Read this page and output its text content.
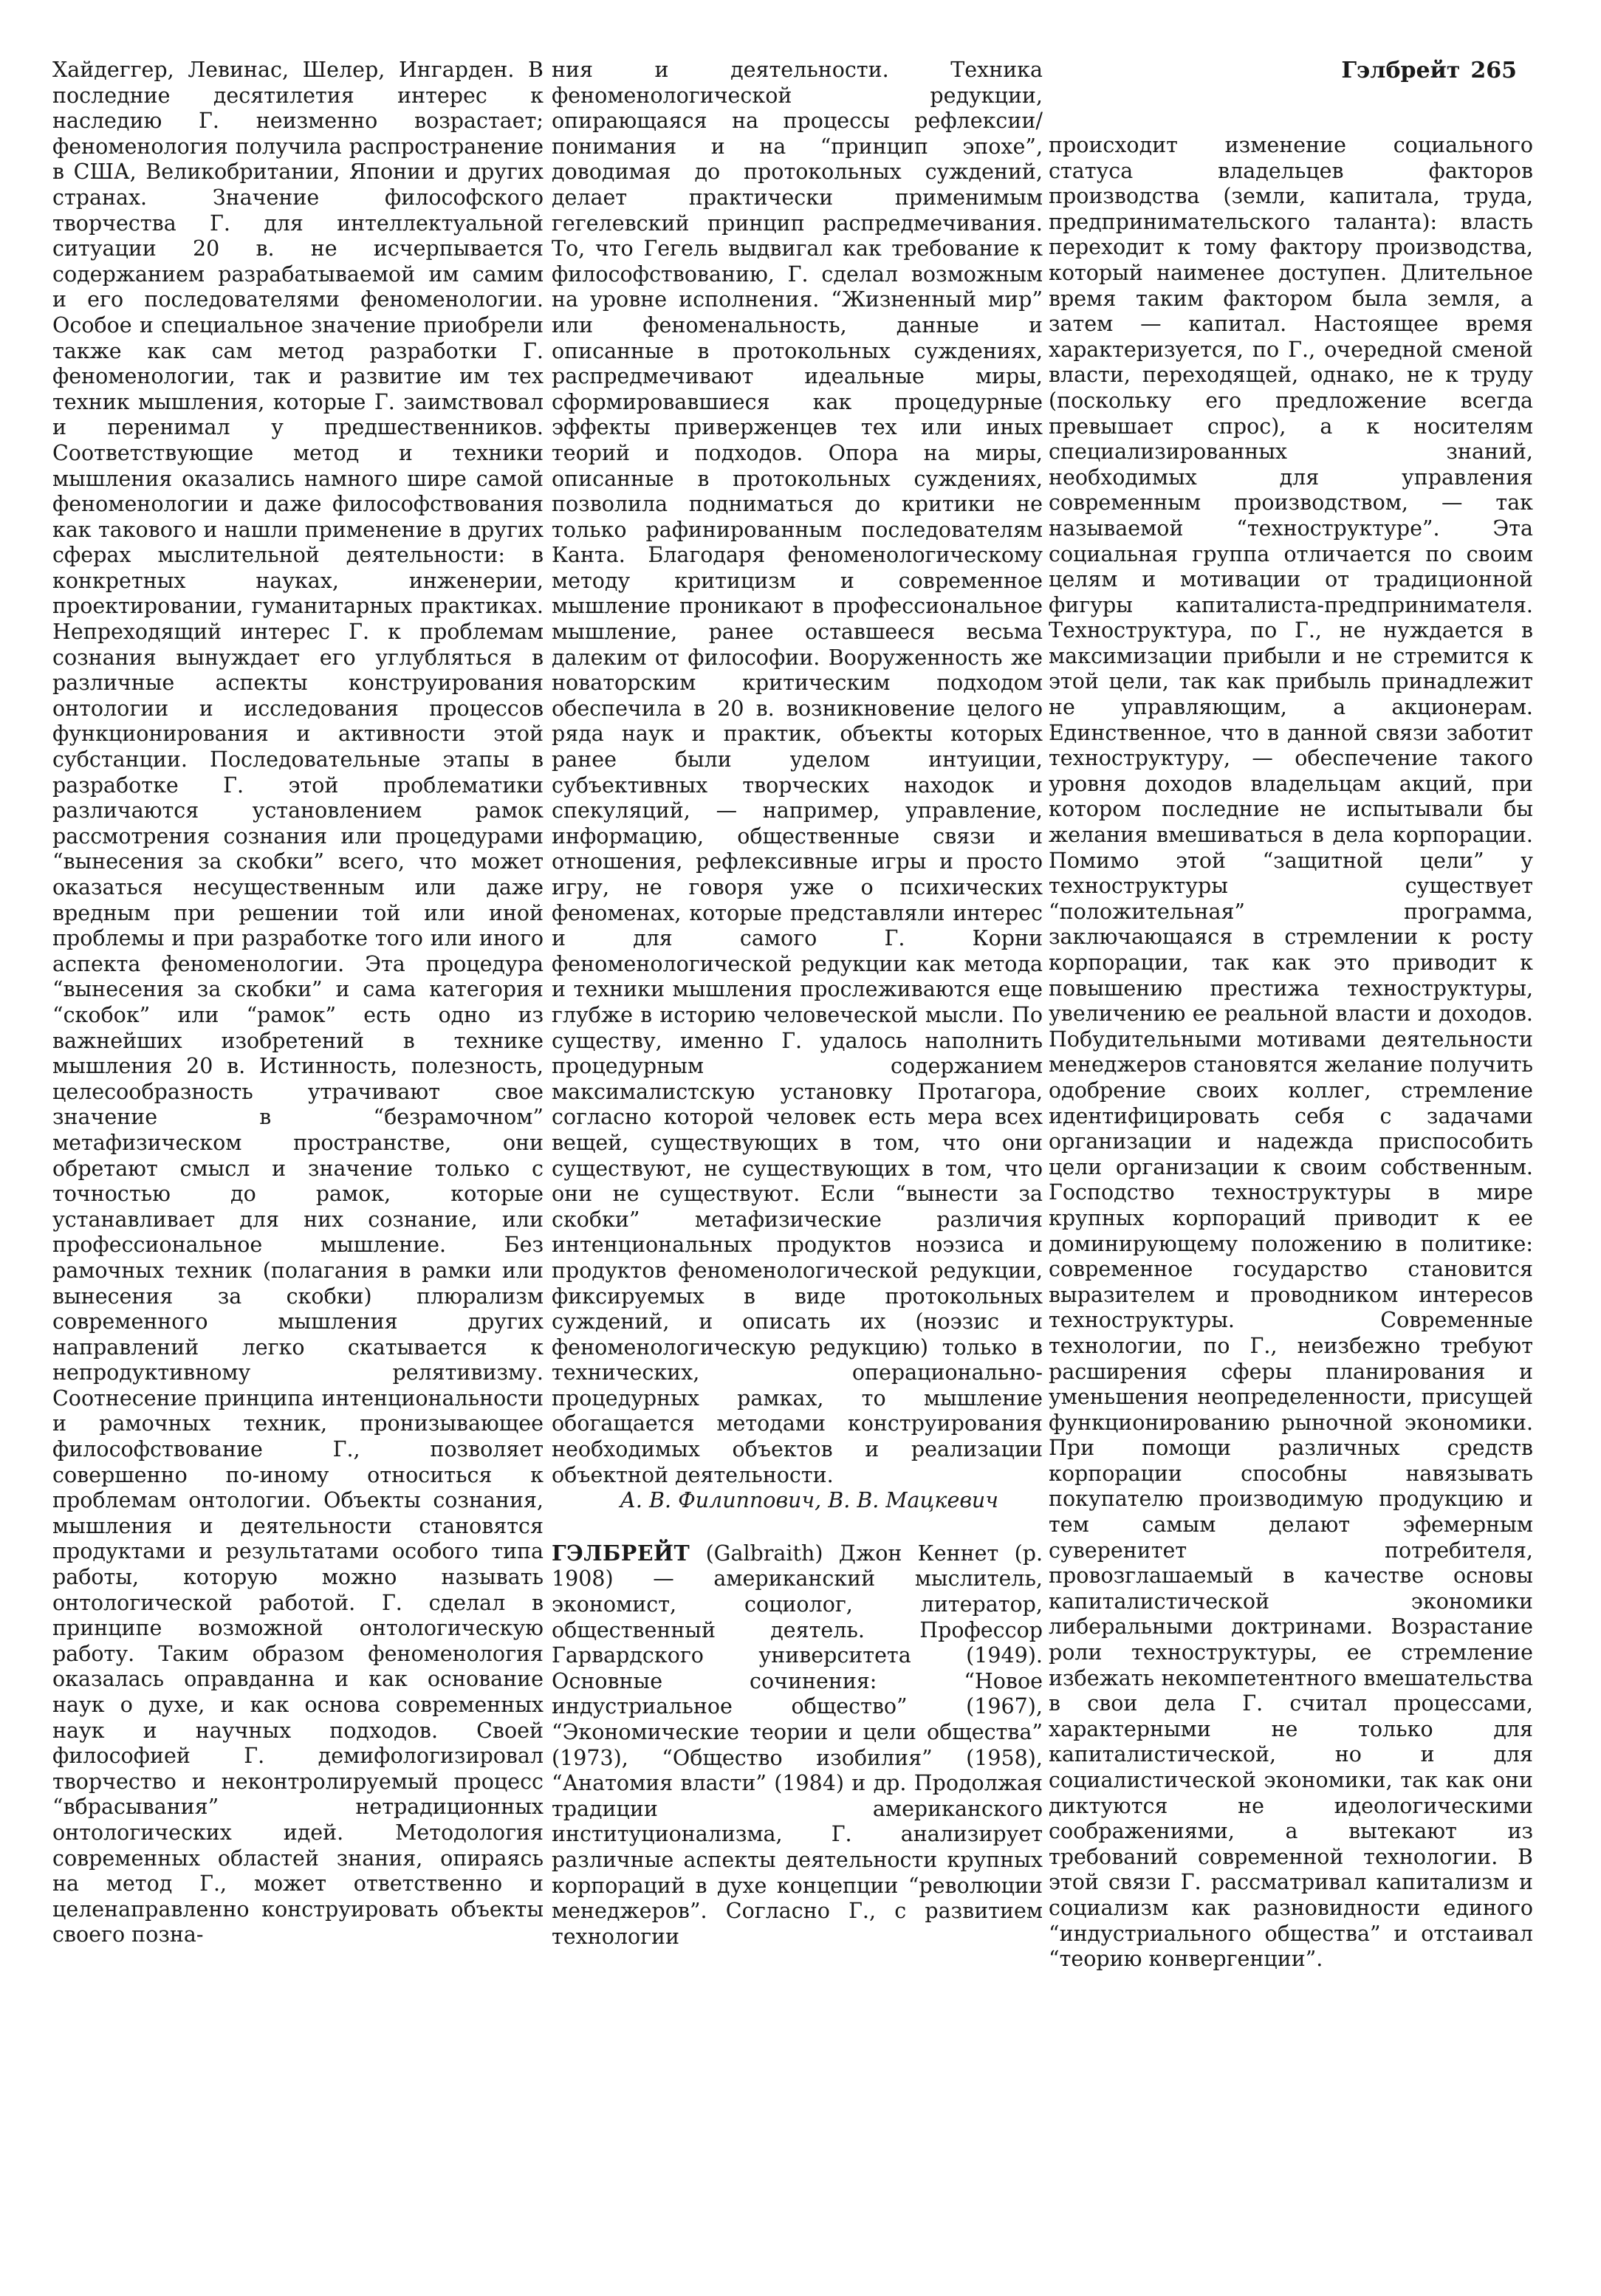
Гэлбрейт 265

Хайдеггер, Левинас, Шелер, Ингарден. В последние десятилетия интерес к наследию Г. неизменно возрастает; феноменология получила распространение в США, Великобритании, Японии и других странах. Значение философского творчества Г. для интеллектуальной ситуации 20 в. не исчерпывается содержанием разрабатываемой им самим и его последователями феноменологии. Особое и специальное значение приобрели также как сам метод разработки Г. феноменологии, так и развитие им тех техник мышления, которые Г. заимствовал и перенимал у предшественников. Соответствующие метод и техники мышления оказались намного шире самой феноменологии и даже философствования как такового и нашли применение в других сферах мыслительной деятельности: в конкретных науках, инженерии, проектировании, гуманитарных практиках. Непреходящий интерес Г. к проблемам сознания вынуждает его углубляться в различные аспекты конструирования онтологии и исследования процессов функционирования и активности этой субстанции. Последовательные этапы в разработке Г. этой проблематики различаются установлением рамок рассмотрения сознания или процедурами “вынесения за скобки” всего, что может оказаться несущественным или даже вредным при решении той или иной проблемы и при разработке того или иного аспекта феноменологии. Эта процедура “вынесения за скобки” и сама категория “скобок” или “рамок” есть одно из важнейших изобретений в технике мышления 20 в. Истинность, полезность, целесообразность утрачивают свое значение в “безрамочном” метафизическом пространстве, они обретают смысл и значение только с точностью до рамок, которые устанавливает для них сознание, или профессиональное мышление. Без рамочных техник (полагания в рамки или вынесения за скобки) плюрализм современного мышления других направлений легко скатывается к непродуктивному релятивизму. Соотнесение принципа интенциональности и рамочных техник, пронизывающее философствование Г., позволяет совершенно по-иному относиться к проблемам онтологии. Объекты сознания, мышления и деятельности становятся продуктами и результатами особого типа работы, которую можно называть онтологической работой. Г. сделал в принципе возможной онтологическую работу. Таким образом феноменология оказалась оправданна и как основание наук о духе, и как основа современных наук и научных подходов. Своей философией Г. демифологизировал творчество и неконтролируемый процесс “вбрасывания” нетрадиционных онтологических идей. Методология современных областей знания, опираясь на метод Г., может ответственно и целенаправленно конструировать объекты своего позна-

ния и деятельности. Техника феноменологической редукции, опирающаяся на процессы рефлексии/понимания и на “принцип эпохе”, доводимая до протокольных суждений, делает практически применимым гегелевский принцип распредмечивания. То, что Гегель выдвигал как требование к философствованию, Г. сделал возможным на уровне исполнения. “Жизненный мир” или феноменальность, данные и описанные в протокольных суждениях, распредмечивают идеальные миры, сформировавшиеся как процедурные эффекты приверженцев тех или иных теорий и подходов. Опора на миры, описанные в протокольных суждениях, позволила подниматься до критики не только рафинированным последователям Канта. Благодаря феноменологическому методу критицизм и современное мышление проникают в профессиональное мышление, ранее оставшееся весьма далеким от философии. Вооруженность же новаторским критическим подходом обеспечила в 20 в. возникновение целого ряда наук и практик, объекты которых ранее были уделом интуиции, субъективных творческих находок и спекуляций, — например, управление, информацию, общественные связи и отношения, рефлексивные игры и просто игру, не говоря уже о психических феноменах, которые представляли интерес и для самого Г. Корни феноменологической редукции как метода и техники мышления прослеживаются еще глубже в историю человеческой мысли. По существу, именно Г. удалось наполнить процедурным содержанием максималистскую установку Протагора, согласно которой человек есть мера всех вещей, существующих в том, что они существуют, не существующих в том, что они не существуют. Если “вынести за скобки” метафизические различия интенциональных продуктов ноэзиса и продуктов феноменологической редукции, фиксируемых в виде протокольных суждений, и описать их (ноэзис и феноменологическую редукцию) только в технических, операционально-процедурных рамках, то мышление обогащается методами конструирования необходимых объектов и реализации объектной деятельности.

А. В. Филиппович, В. В. Мацкевич

ГЭЛБРЕЙТ (Galbraith) Джон Кеннет (р. 1908) — американский мыслитель, экономист, социолог, литератор, общественный деятель. Профессор Гарвардского университета (1949). Основные сочинения: “Новое индустриальное общество” (1967), “Экономические теории и цели общества” (1973), “Общество изобилия” (1958), “Анатомия власти” (1984) и др. Продолжая традиции американского институционализма, Г. анализирует различные аспекты деятельности крупных корпораций в духе концепции “революции менеджеров”. Согласно Г., с развитием технологии

происходит изменение социального статуса владельцев факторов производства (земли, капитала, труда, предпринимательского таланта): власть переходит к тому фактору производства, который наименее доступен. Длительное время таким фактором была земля, а затем — капитал. Настоящее время характеризуется, по Г., очередной сменой власти, переходящей, однако, не к труду (поскольку его предложение всегда превышает спрос), а к носителям специализированных знаний, необходимых для управления современным производством, — так называемой “техноструктуре”. Эта социальная группа отличается по своим целям и мотивации от традиционной фигуры капиталиста-предпринимателя. Техноструктура, по Г., не нуждается в максимизации прибыли и не стремится к этой цели, так как прибыль принадлежит не управляющим, а акционерам. Единственное, что в данной связи заботит техноструктуру, — обеспечение такого уровня доходов владельцам акций, при котором последние не испытывали бы желания вмешиваться в дела корпорации. Помимо этой “защитной цели” у техноструктуры существует “положительная” программа, заключающаяся в стремлении к росту корпорации, так как это приводит к повышению престижа техноструктуры, увеличению ее реальной власти и доходов. Побудительными мотивами деятельности менеджеров становятся желание получить одобрение своих коллег, стремление идентифицировать себя с задачами организации и надежда приспособить цели организации к своим собственным. Господство техноструктуры в мире крупных корпораций приводит к ее доминирующему положению в политике: современное государство становится выразителем и проводником интересов техноструктуры. Современные технологии, по Г., неизбежно требуют расширения сферы планирования и уменьшения неопределенности, присущей функционированию рыночной экономики. При помощи различных средств корпорации способны навязывать покупателю производимую продукцию и тем самым делают эфемерным суверенитет потребителя, провозглашаемый в качестве основы капиталистической экономики либеральными доктринами. Возрастание роли техноструктуры, ее стремление избежать некомпетентного вмешательства в свои дела Г. считал процессами, характерными не только для капиталистической, но и для социалистической экономики, так как они диктуются не идеологическими соображениями, а вытекают из требований современной технологии. В этой связи Г. рассматривал капитализм и социализм как разновидности единого “индустриального общества” и отстаивал “теорию конвергенции”.
